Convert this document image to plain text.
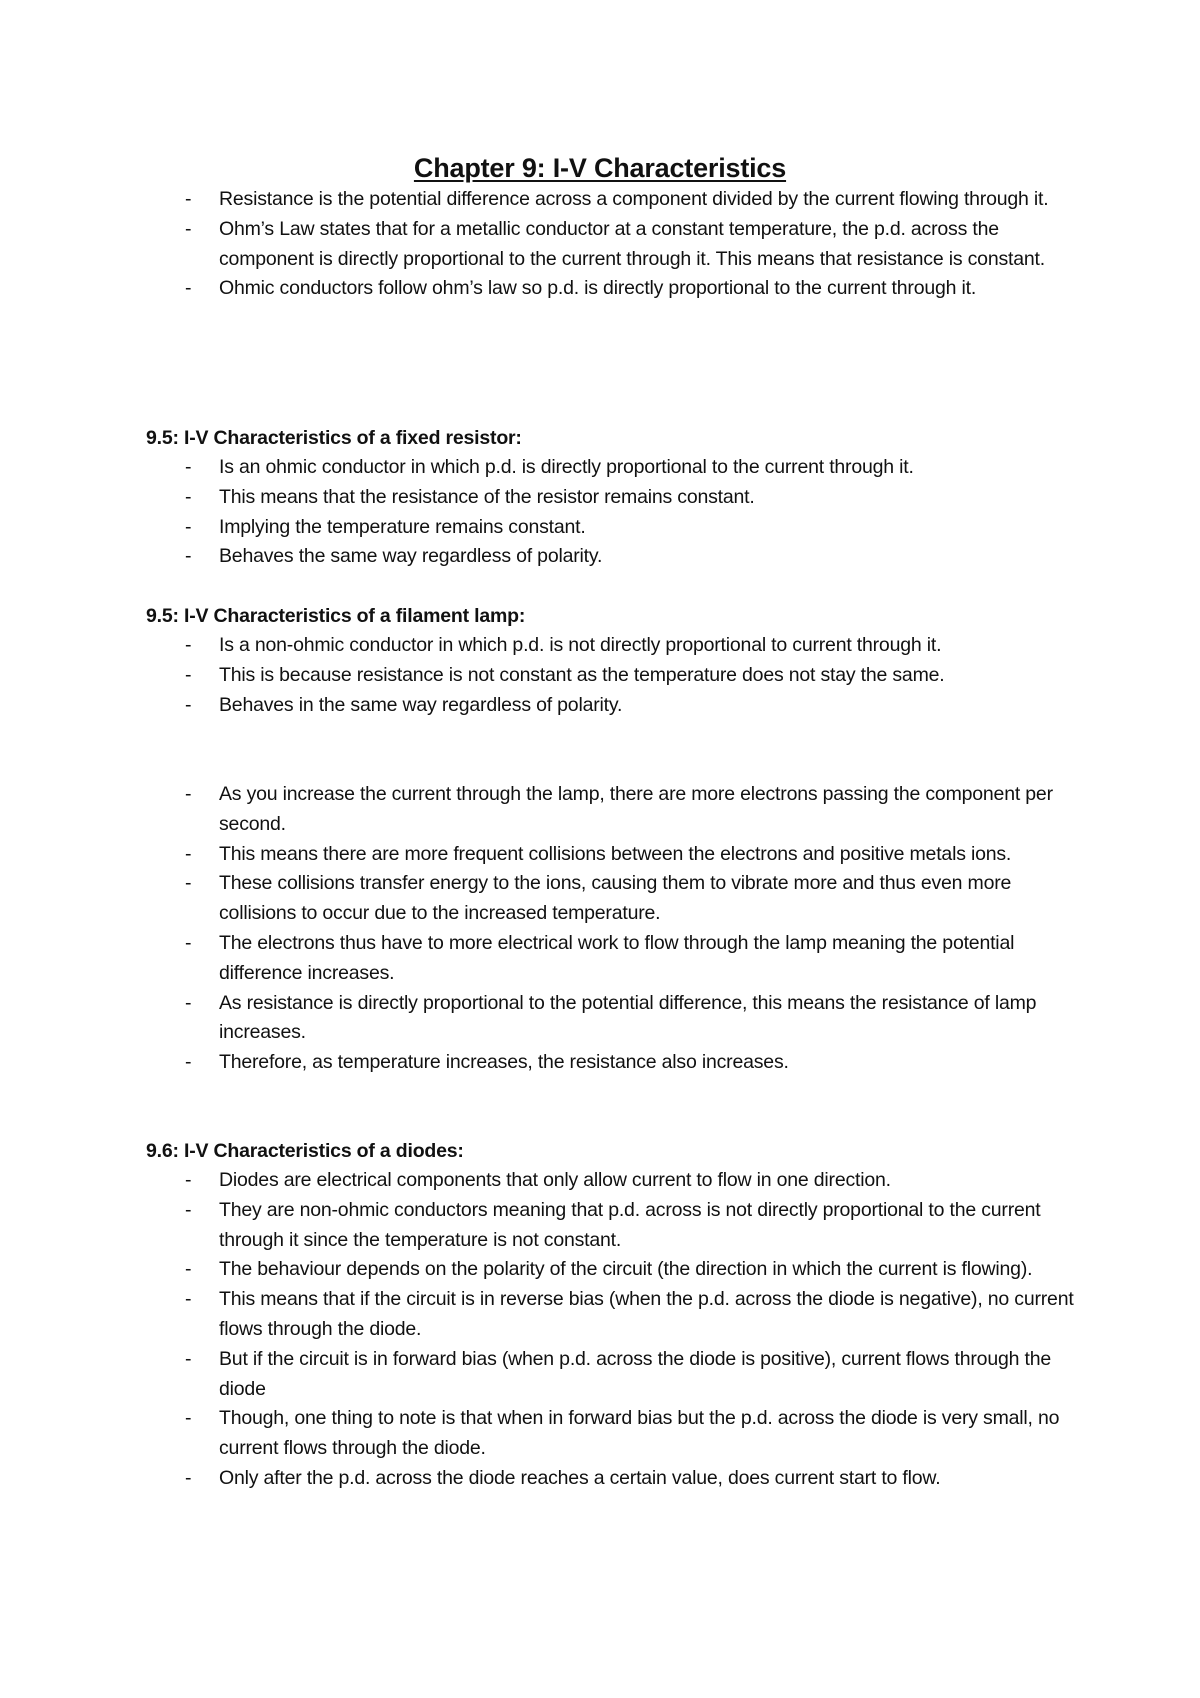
Chapter 9: I-V Characteristics
- Resistance is the potential difference across a component divided by the current flowing through it.
- Ohm’s Law states that for a metallic conductor at a constant temperature, the p.d. across the component is directly proportional to the current through it. This means that resistance is constant.
- Ohmic conductors follow ohm’s law so p.d. is directly proportional to the current through it.
9.5: I-V Characteristics of a fixed resistor:
- Is an ohmic conductor in which p.d. is directly proportional to the current through it.
- This means that the resistance of the resistor remains constant.
- Implying the temperature remains constant.
- Behaves the same way regardless of polarity.
9.5: I-V Characteristics of a filament lamp:
- Is a non-ohmic conductor in which p.d. is not directly proportional to current through it.
- This is because resistance is not constant as the temperature does not stay the same.
- Behaves in the same way regardless of polarity.
- As you increase the current through the lamp, there are more electrons passing the component per second.
- This means there are more frequent collisions between the electrons and positive metals ions.
- These collisions transfer energy to the ions, causing them to vibrate more and thus even more collisions to occur due to the increased temperature.
- The electrons thus have to more electrical work to flow through the lamp meaning the potential difference increases.
- As resistance is directly proportional to the potential difference, this means the resistance of lamp increases.
- Therefore, as temperature increases, the resistance also increases.
9.6: I-V Characteristics of a diodes:
- Diodes are electrical components that only allow current to flow in one direction.
- They are non-ohmic conductors meaning that p.d. across is not directly proportional to the current through it since the temperature is not constant.
- The behaviour depends on the polarity of the circuit (the direction in which the current is flowing).
- This means that if the circuit is in reverse bias (when the p.d. across the diode is negative), no current flows through the diode.
- But if the circuit is in forward bias (when p.d. across the diode is positive), current flows through the diode
- Though, one thing to note is that when in forward bias but the p.d. across the diode is very small, no current flows through the diode.
- Only after the p.d. across the diode reaches a certain value, does current start to flow.
